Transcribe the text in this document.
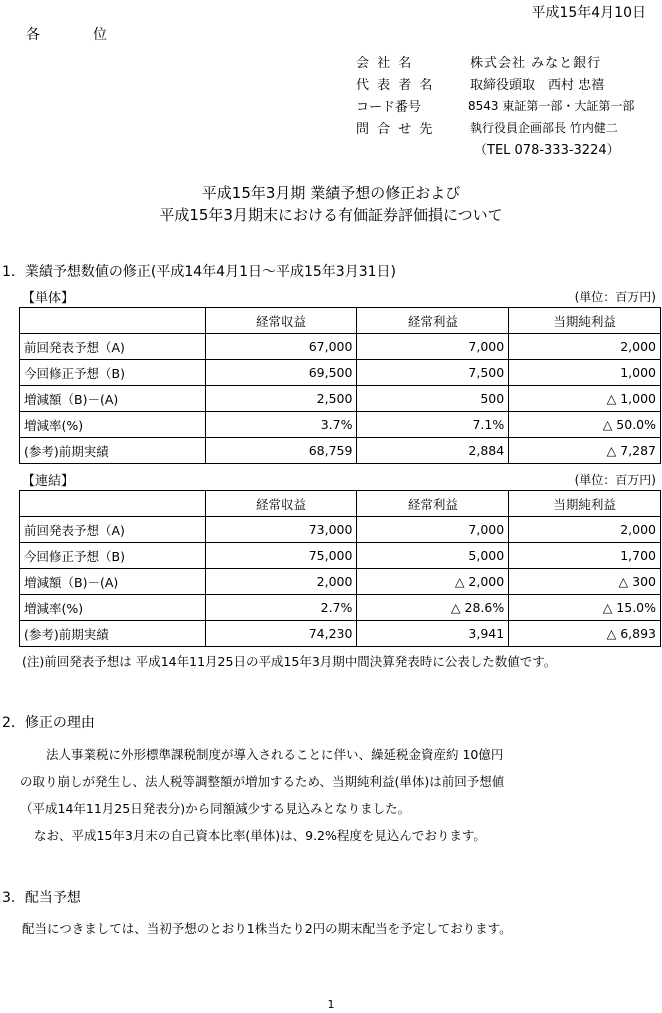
平成15年4月10日
各	位
会 社 名	株式会社 みなと銀行
代 表 者 名	取締役頭取　西村 忠禧
コード番号	8543 東証第一部・大証第一部
問 合 せ 先	執行役員企画部長 竹内健二
（TEL 078-333-3224）
平成15年3月期 業績予想の修正および
平成15年3月期末における有価証券評価損について
1．業績予想数値の修正(平成14年4月1日～平成15年3月31日)
【単体】	(単位：百万円)
	経常収益	経常利益	当期純利益
前回発表予想（A)	67,000	7,000	2,000
今回修正予想（B)	69,500	7,500	1,000
増減額（B)－(A)	2,500	500	△ 1,000
増減率(%)	3.7%	7.1%	△ 50.0%
(参考)前期実績	68,759	2,884	△ 7,287
【連結】	(単位：百万円)
	経常収益	経常利益	当期純利益
前回発表予想（A)	73,000	7,000	2,000
今回修正予想（B)	75,000	5,000	1,700
増減額（B)－(A)	2,000	△ 2,000	△ 300
増減率(%)	2.7%	△ 28.6%	△ 15.0%
(参考)前期実績	74,230	3,941	△ 6,893
(注)前回発表予想は 平成14年11月25日の平成15年3月期中間決算発表時に公表した数値です。
2．修正の理由
法人事業税に外形標準課税制度が導入されることに伴い、繰延税金資産約 10億円
の取り崩しが発生し、法人税等調整額が増加するため、当期純利益(単体)は前回予想値
（平成14年11月25日発表分)から同額減少する見込みとなりました。
なお、平成15年3月末の自己資本比率(単体)は、9.2%程度を見込んでおります。
3．配当予想
配当につきましては、当初予想のとおり1株当たり2円の期末配当を予定しております。
1
